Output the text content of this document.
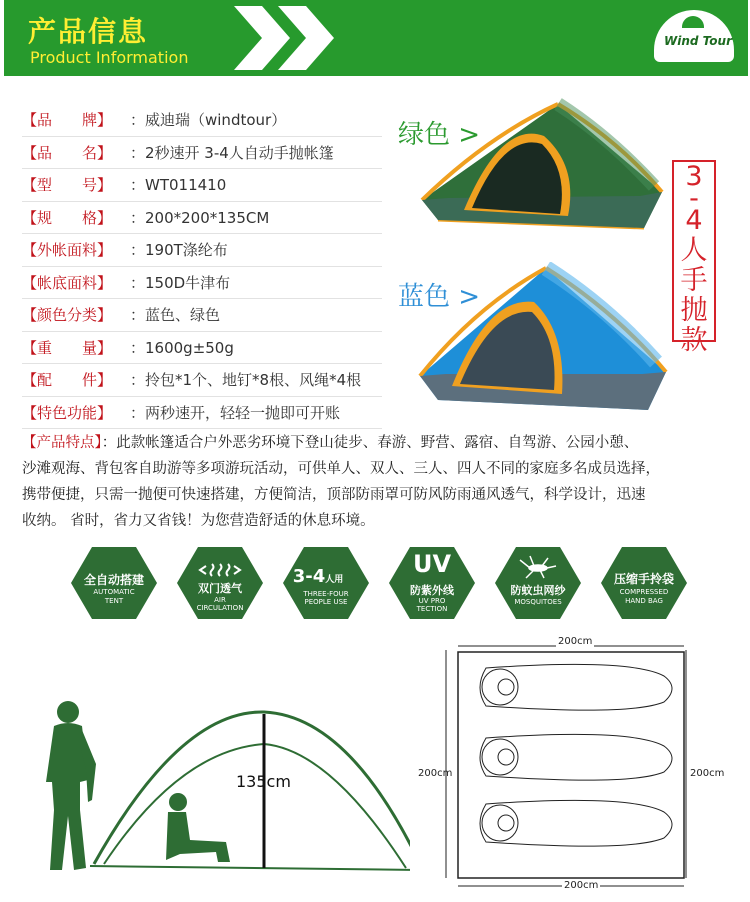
产品信息
Product Information
Wind Tour
【品　　牌】	：威迪瑞（windtour）
【品　　名】	：2秒速开 3-4人自动手抛帐篷
【型　　号】	：WT011410
【规　　格】	：200*200*135CM
【外帐面料】	：190T涤纶布
【帐底面料】	：150D牛津布
【颜色分类】	：蓝色、绿色
【重　　量】	：1600g±50g
【配　　件】	：拎包*1个、地钉*8根、风绳*4根
【特色功能】	：两秒速开，轻轻一抛即可开账
【产品特点】：此款帐篷适合户外恶劣环境下登山徒步、春游、野营、露宿、自驾游、公园小憩、
沙滩观海、背包客自助游等多项游玩活动，可供单人、双人、三人、四人不同的家庭多名成员选择，
携带便捷，只需一抛便可快速搭建，方便简洁，顶部防雨罩可防风防雨通风透气，科学设计，迅速
收纳。 省时，省力又省钱！为您营造舒适的休息环境。
绿色 >
蓝色 >
3
-
4
人
手
抛
款
全自动搭建
AUTOMATIC
TENT
双门透气
AIR
CIRCULATION
3-4人用
THREE-FOUR
PEOPLE USE
UV
防紫外线
UV PRO
TECTION
防蚊虫网纱
MOSQUITOES
压缩手拎袋
COMPRESSED
HAND BAG
135cm
200cm
200cm
200cm	200cm
